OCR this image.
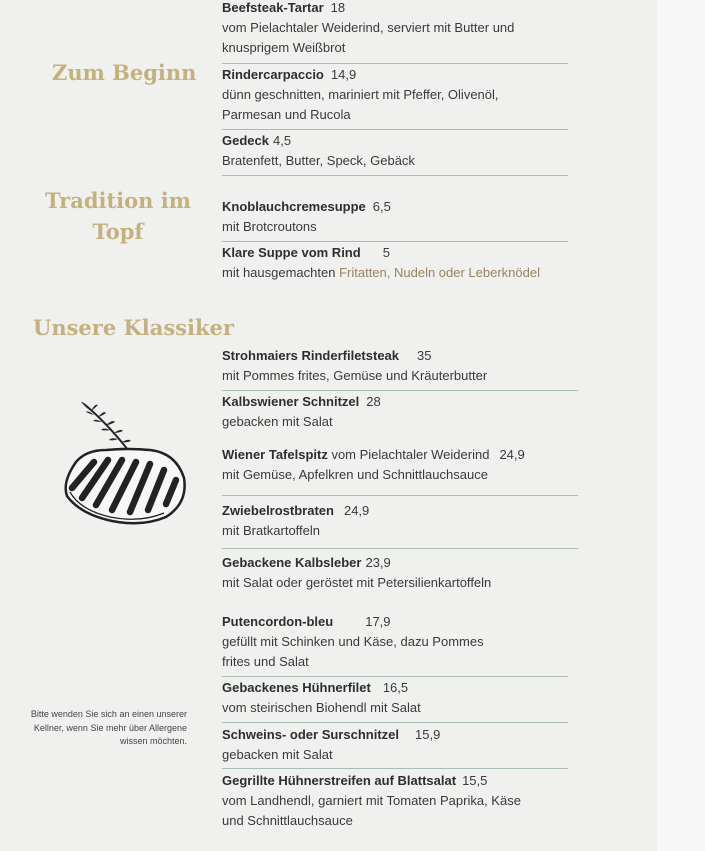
Zum Beginn
Tradition im
Topf
Unsere Klassiker
Beefsteak-Tartar 18
vom Pielachtaler Weiderind, serviert mit Butter und
knusprigem Weißbrot
Rindercarpaccio 14,9
dünn geschnitten, mariniert mit Pfeffer, Olivenöl,
Parmesan und Rucola
Gedeck 4,5
Bratenfett, Butter, Speck, Gebäck
Knoblauchcremesuppe 6,5
mit Brotcroutons
Klare Suppe vom Rind 5
mit hausgemachten Fritatten, Nudeln oder Leberknödel
Strohmaiers Rinderfiletsteak 35
mit Pommes frites, Gemüse und Kräuterbutter
Kalbswiener Schnitzel 28
gebacken mit Salat
Wiener Tafelspitz vom Pielachtaler Weiderind 24,9
mit Gemüse, Apfelkren und Schnittlauchsauce
Zwiebelrostbraten 24,9
mit Bratkartoffeln
Gebackene Kalbsleber 23,9
mit Salat oder geröstet mit Petersilienkartoffeln
Putencordon-bleu 17,9
gefüllt mit Schinken und Käse, dazu Pommes
frites und Salat
Gebackenes Hühnerfilet 16,5
vom steirischen Biohendl mit Salat
Schweins- oder Surschnitzel 15,9
gebacken mit Salat
Gegrillte Hühnerstreifen auf Blattsalat 15,5
vom Landhendl, garniert mit Tomaten Paprika, Käse
und Schnittlauchsauce
Bitte wenden Sie sich an einen unserer
Kellner, wenn Sie mehr über Allergene
wissen möchten.
